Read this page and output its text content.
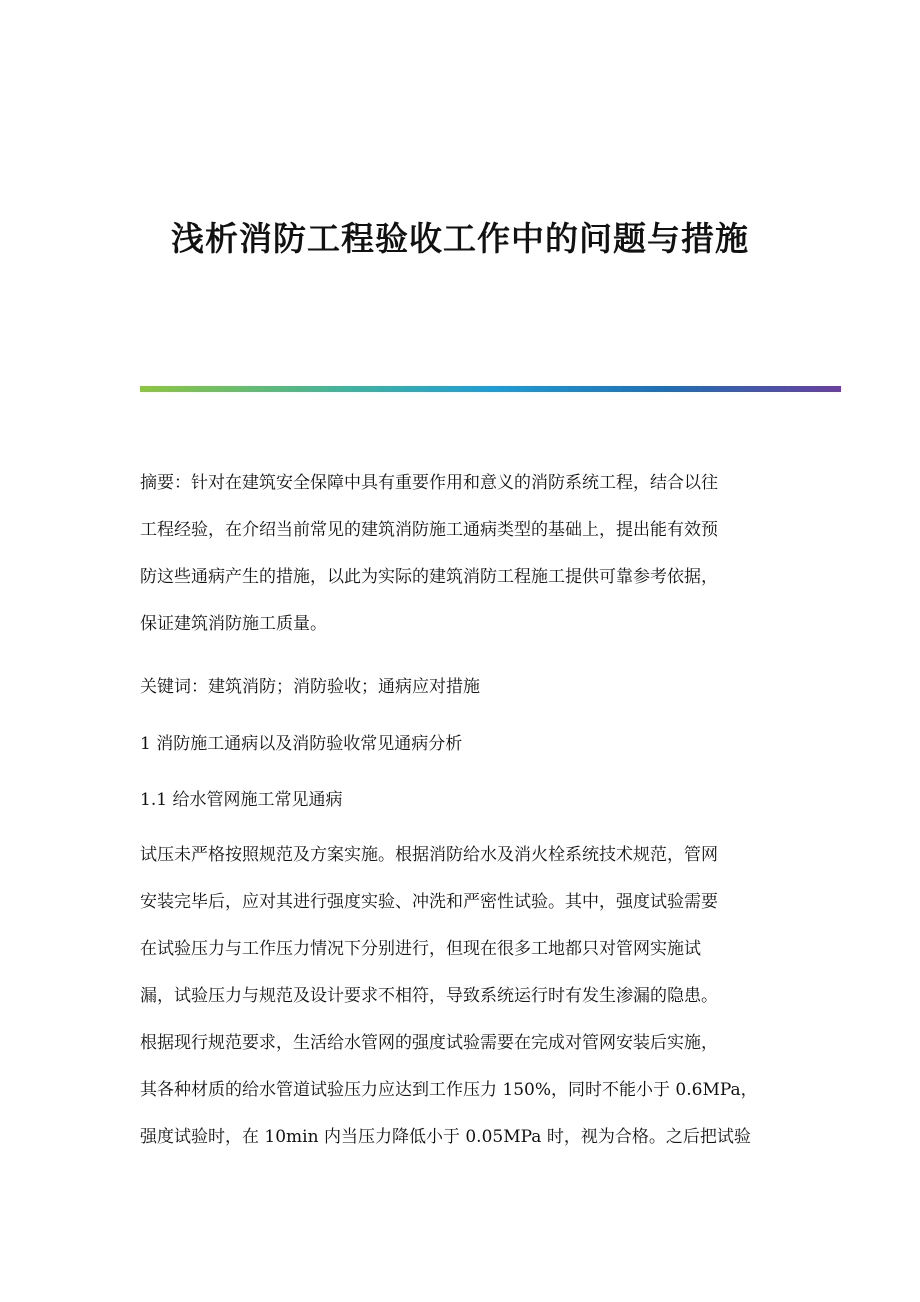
浅析消防工程验收工作中的问题与措施
摘要：针对在建筑安全保障中具有重要作用和意义的消防系统工程，结合以往
工程经验，在介绍当前常见的建筑消防施工通病类型的基础上，提出能有效预
防这些通病产生的措施，以此为实际的建筑消防工程施工提供可靠参考依据，
保证建筑消防施工质量。
关键词：建筑消防；消防验收；通病应对措施
1 消防施工通病以及消防验收常见通病分析
1.1 给水管网施工常见通病
试压未严格按照规范及方案实施。根据消防给水及消火栓系统技术规范，管网
安装完毕后，应对其进行强度实验、冲洗和严密性试验。其中，强度试验需要
在试验压力与工作压力情况下分别进行，但现在很多工地都只对管网实施试
漏，试验压力与规范及设计要求不相符，导致系统运行时有发生渗漏的隐患。
根据现行规范要求，生活给水管网的强度试验需要在完成对管网安装后实施，
其各种材质的给水管道试验压力应达到工作压力 150%，同时不能小于 0.6MPa，
强度试验时，在 10min 内当压力降低小于 0.05MPa 时，视为合格。之后把试验
